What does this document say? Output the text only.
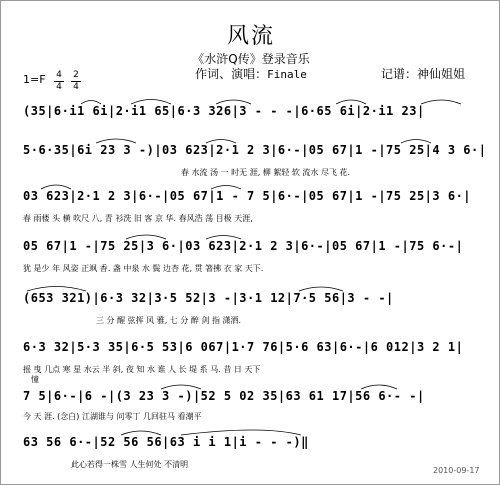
风流
《水浒Q传》登录音乐
作词、演唱：Finale	记谱：神仙姐姐
1=F 4
4
2
4
(35|6·i1 6i|2·i1 65|6·3 326|3 - - -|6·65 6i|2·i1 23|
5·6·35|6i 23 3 -)|03 623|2·1 2 3|6·-|05 67|1 -|75 25|4 3 6·|
春 水流 汤 一 时无 涯, 柳 絮轻 软 流水 尽飞 花.
03 623|2·1 2 3|6·-|05 67|1 - 7 5|6·-|05 67|1 -|75 25|3 6·|
春 雨楼 头 横 吹尺 八, 青 衫洗 旧 客 京 华. 春风浩 荡 目极 天涯,
05 67|1 -|75 25|3 6·|03 623|2·1 2 3|6·-|05 67|1 -|75 6·-|
犹 是少 年 风姿 正飒 香. 盏 中泉 水 鬓 边杏 花, 贯 箸拂 衣 家 天下.
(653 321)|6·3 32|3·5 52|3 -|3·1 12|7·5 56|3 - -|
三 分 醒 弦挥 风 雅, 七 分 醉 剑 指 潇洒.
6·3 32|5·3 35|6·5 53|6 067|1·7 76|5·6 63|6·-|6 012|3 2 1|
摇 曳 几点 寒 星 水云 半 斜, 夜 知 水 谁 人 长 堤 系 马. 昔 日 天下
憧
7 5|6·-|6 -|(3 23 3 -)|52 5 02 35|63 61 17|56 6·- -|
今 天 涯. (念白) 江湖谁与 问零丁 几回驻马 看潮平
63 56 6·-|52 56 56|63 i i 1|i - - -)‖
此心若得一株雪 人生何处 不清明
2010-09-17
